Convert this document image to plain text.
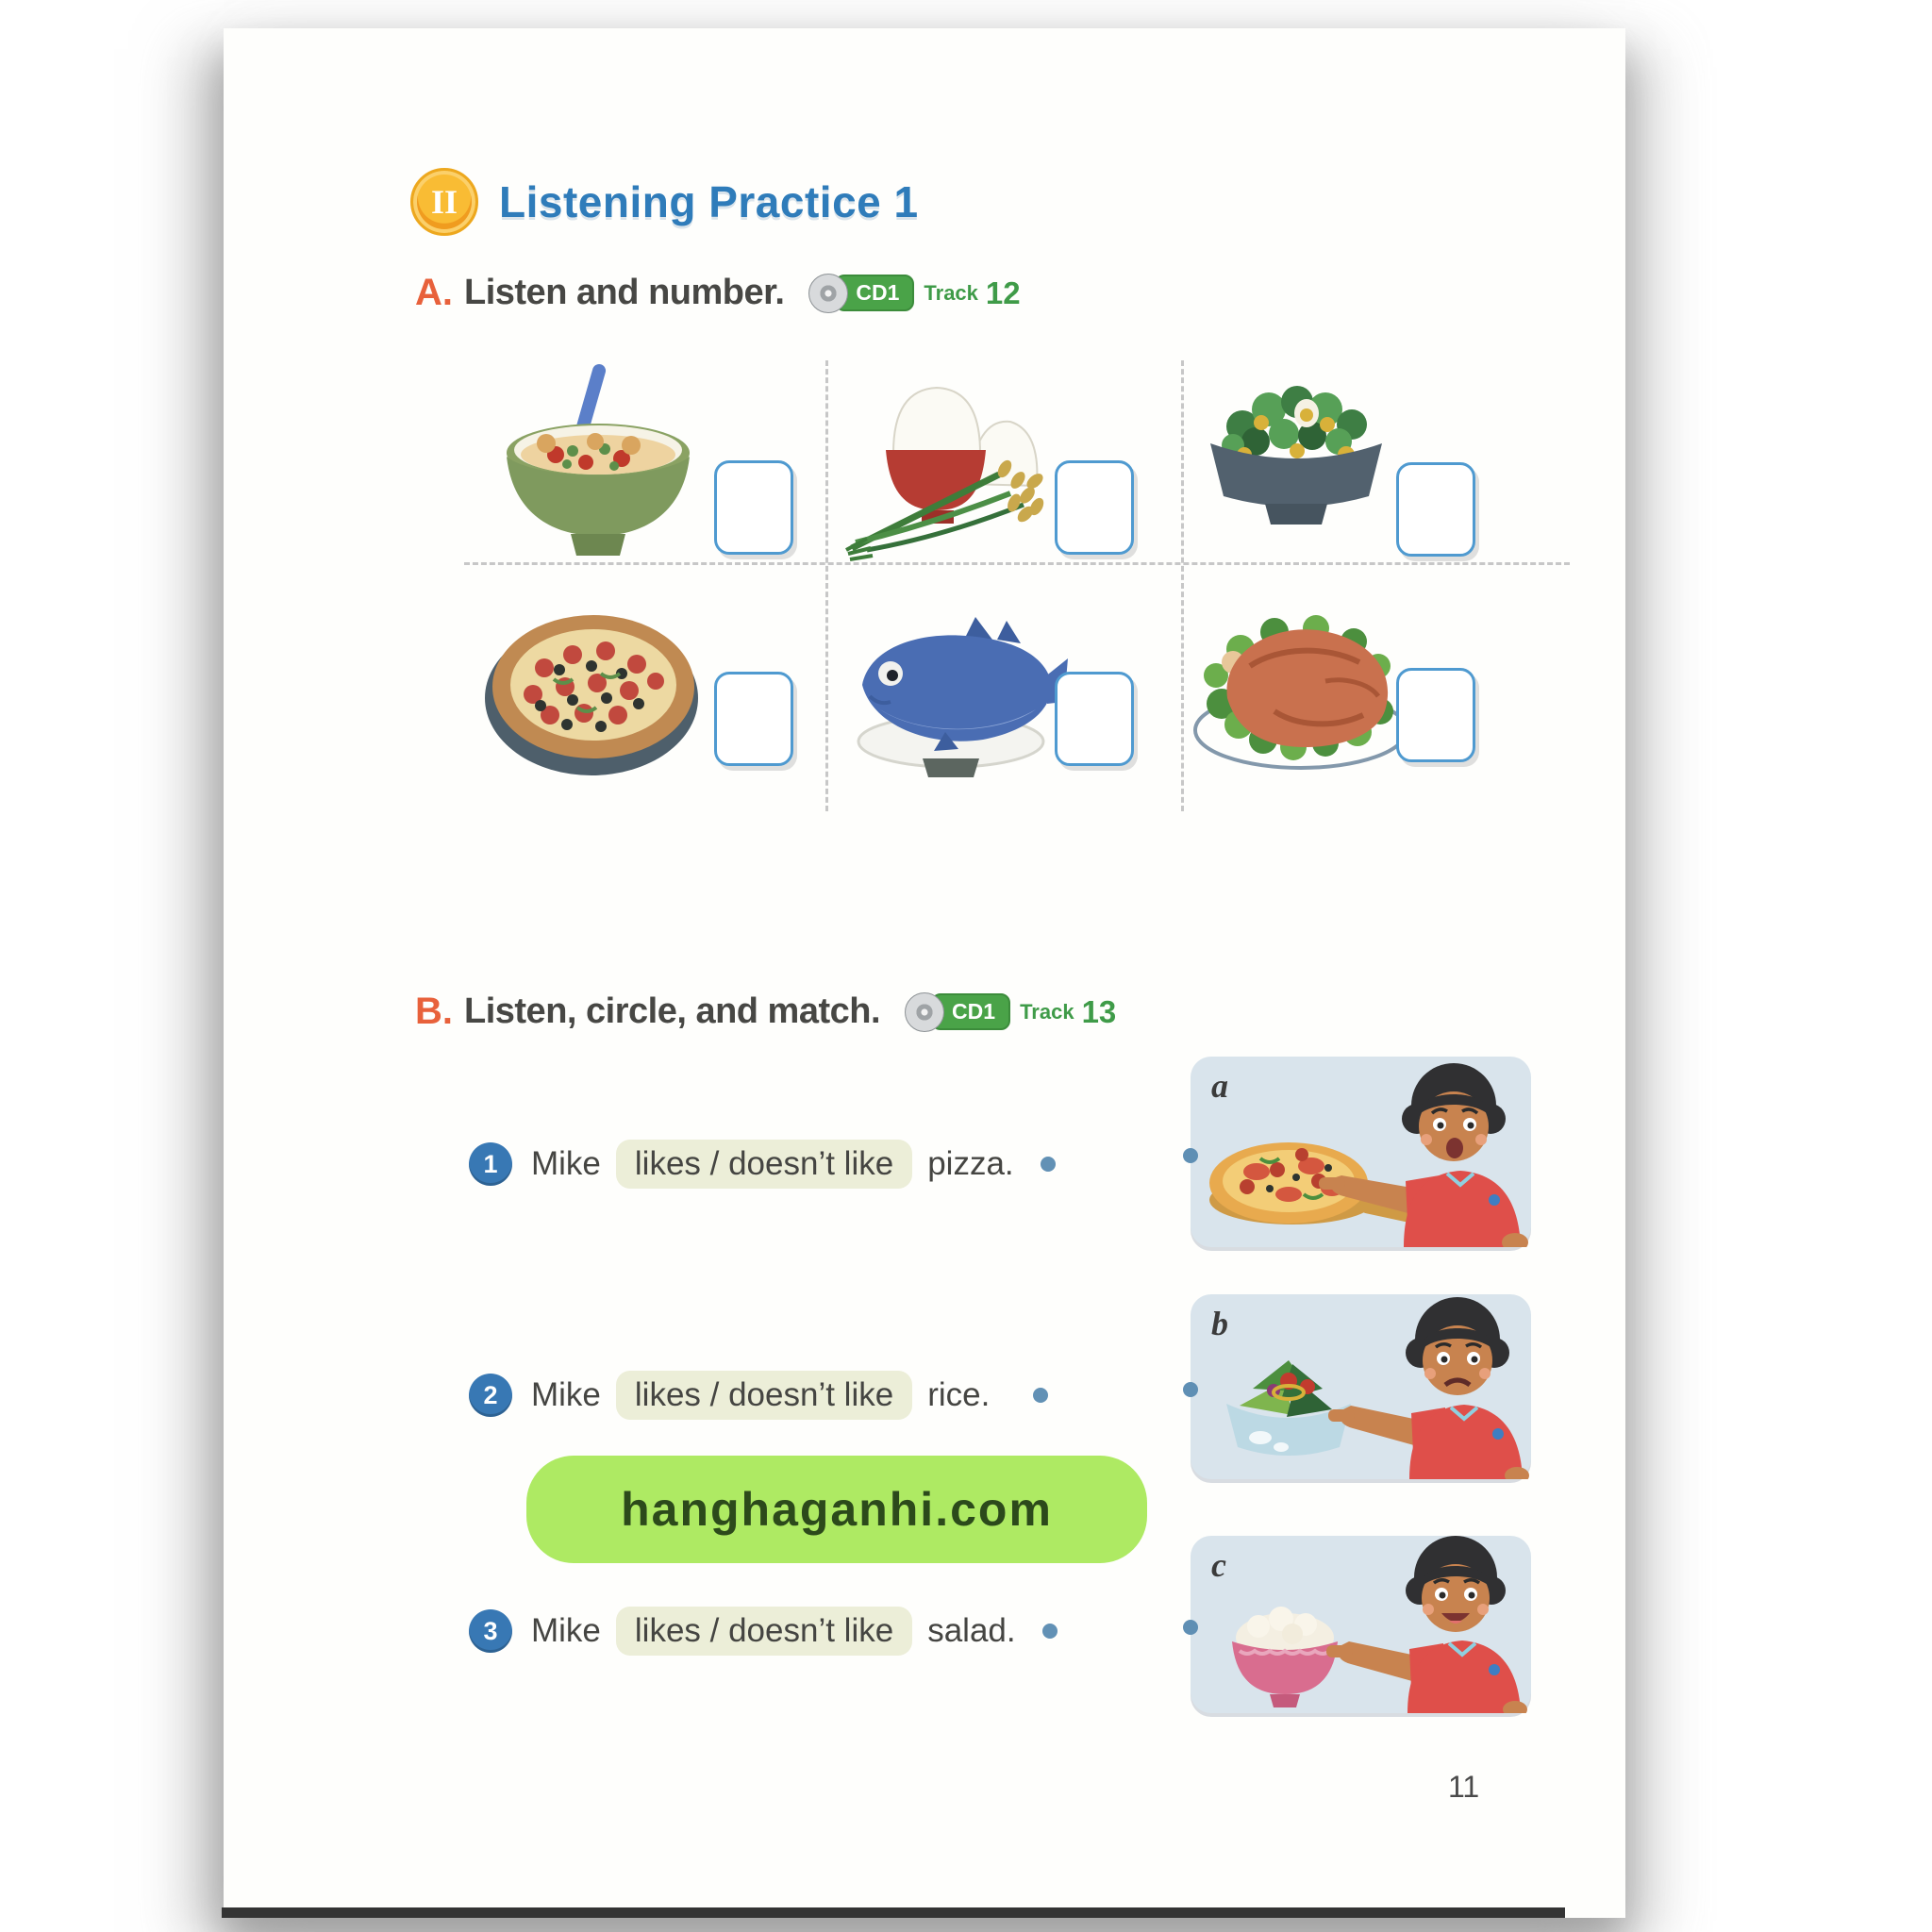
II Listening Practice 1
A. Listen and number.	CD1	Track 12
B. Listen, circle, and match.	CD1	Track 13
1	Mike	likes / doesn’t like	pizza.
2	Mike	likes / doesn’t like	rice.
3	Mike	likes / doesn’t like	salad.
hanghaganhi.com
a
b
c
11
